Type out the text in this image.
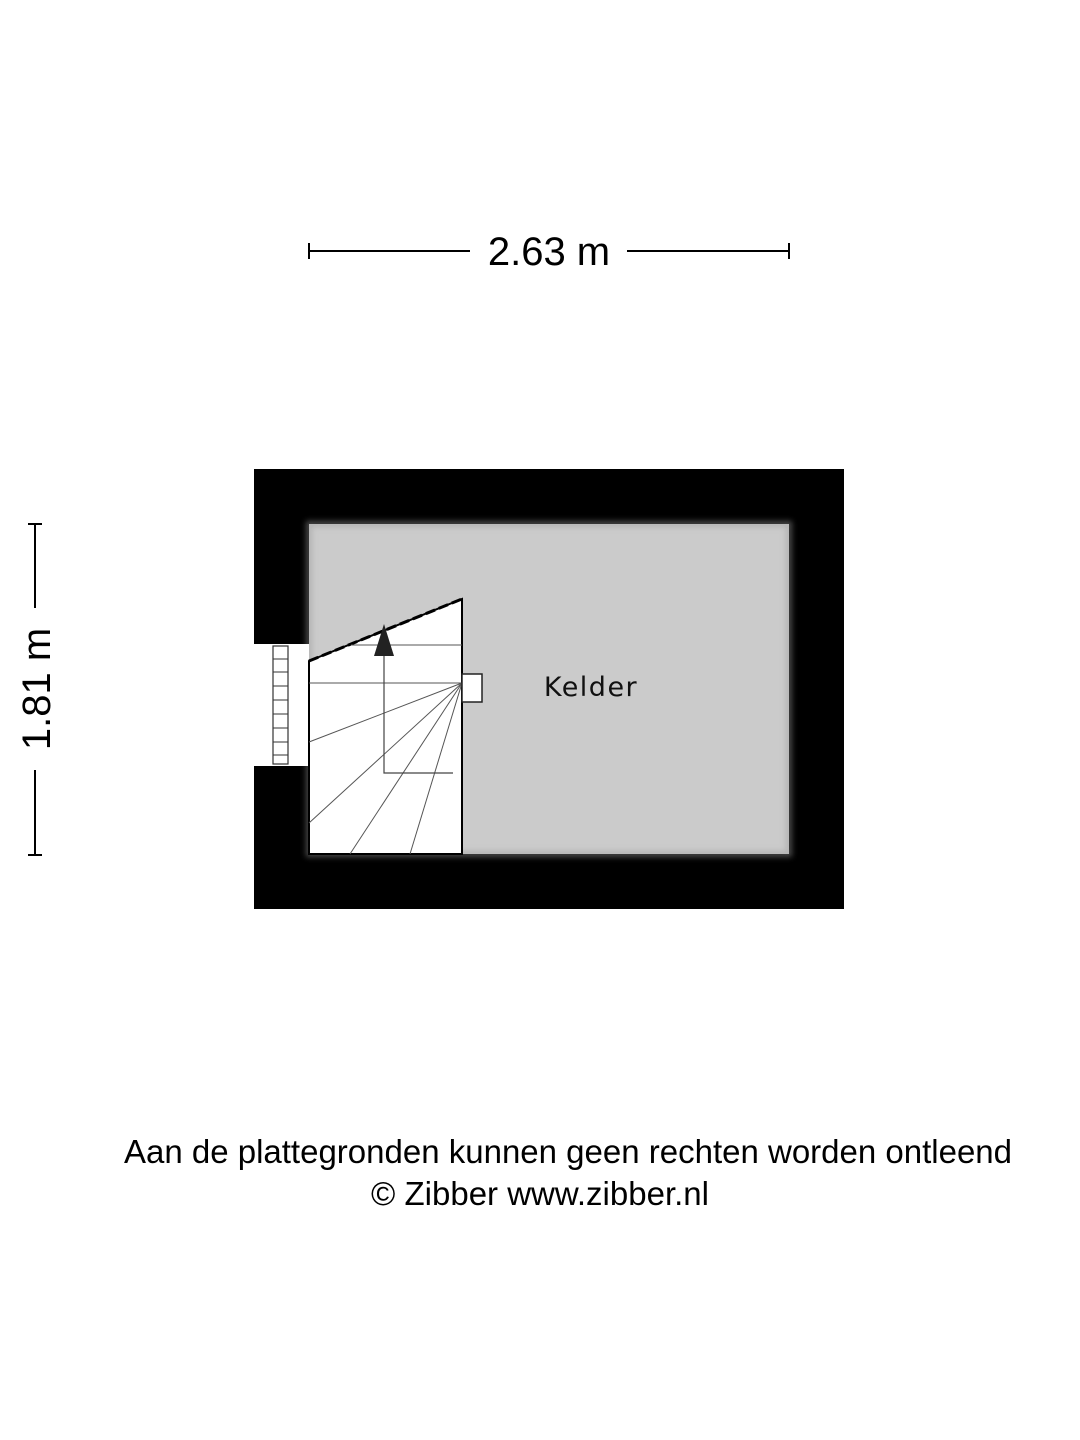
2.63 m
1.81 m	Kelder
Aan de plattegronden kunnen geen rechten worden ontleend
© Zibber www.zibber.nl
